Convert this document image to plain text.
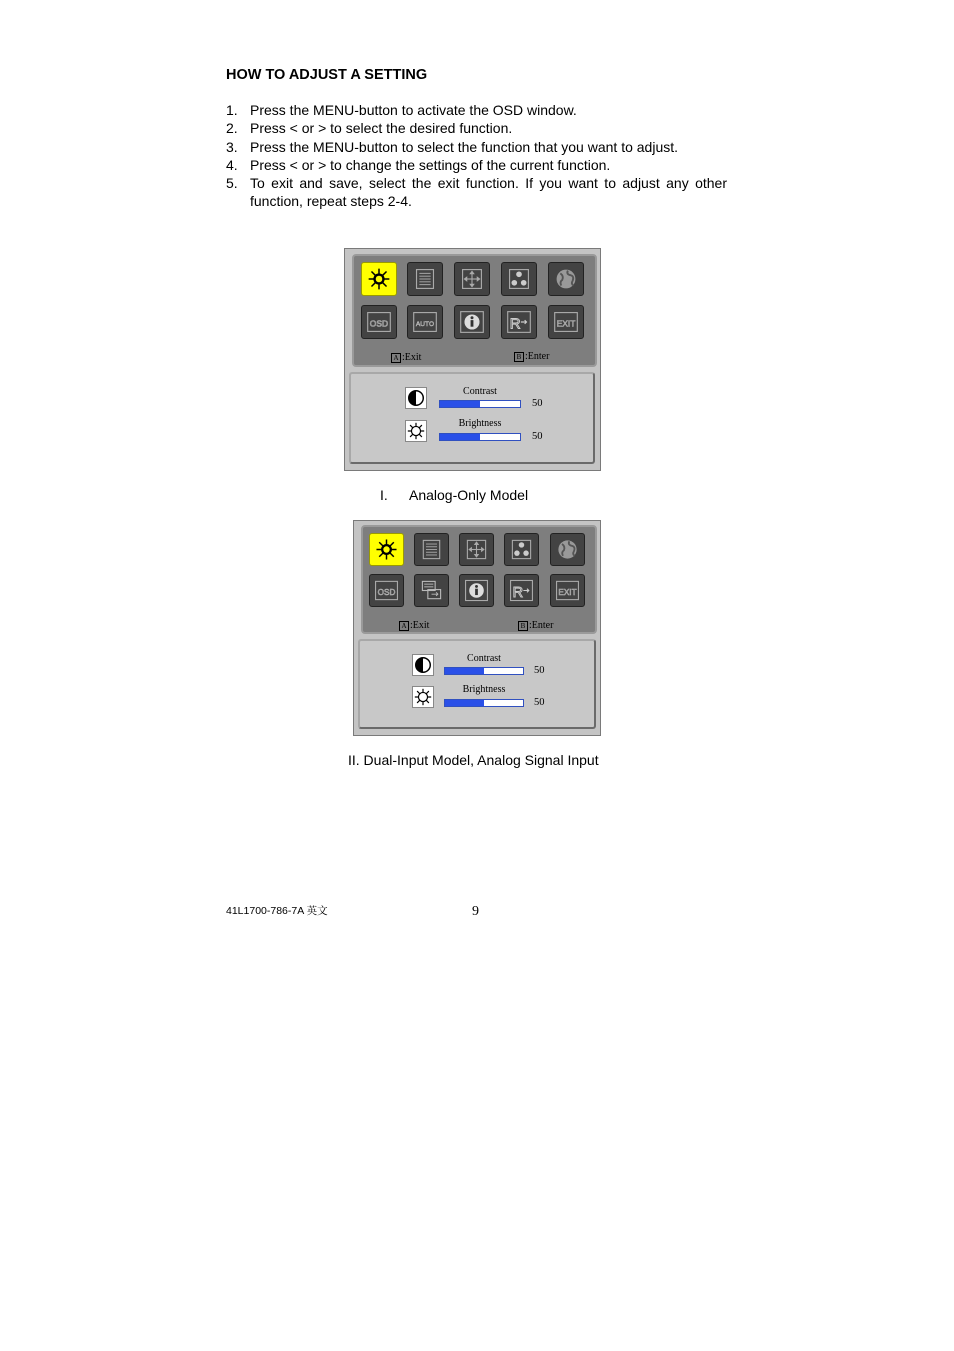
HOW TO ADJUST A SETTING
1. Press the MENU-button to activate the OSD window.
2. Press < or > to select the desired function.
3. Press the MENU-button to select the function that you want to adjust.
4. Press < or > to change the settings of the current function.
5. To exit and save, select the exit function. If you want to adjust any other function, repeat steps 2-4.
OSD	AUTO	R	EXIT
A :Exit	B :Enter
Contrast
50
Brightness
50
I. Analog-Only Model
OSD	R	EXIT
A :Exit	B :Enter
Contrast
50
Brightness
50
II. Dual-Input Model, Analog Signal Input
41L1700-786-7A 英文	9
